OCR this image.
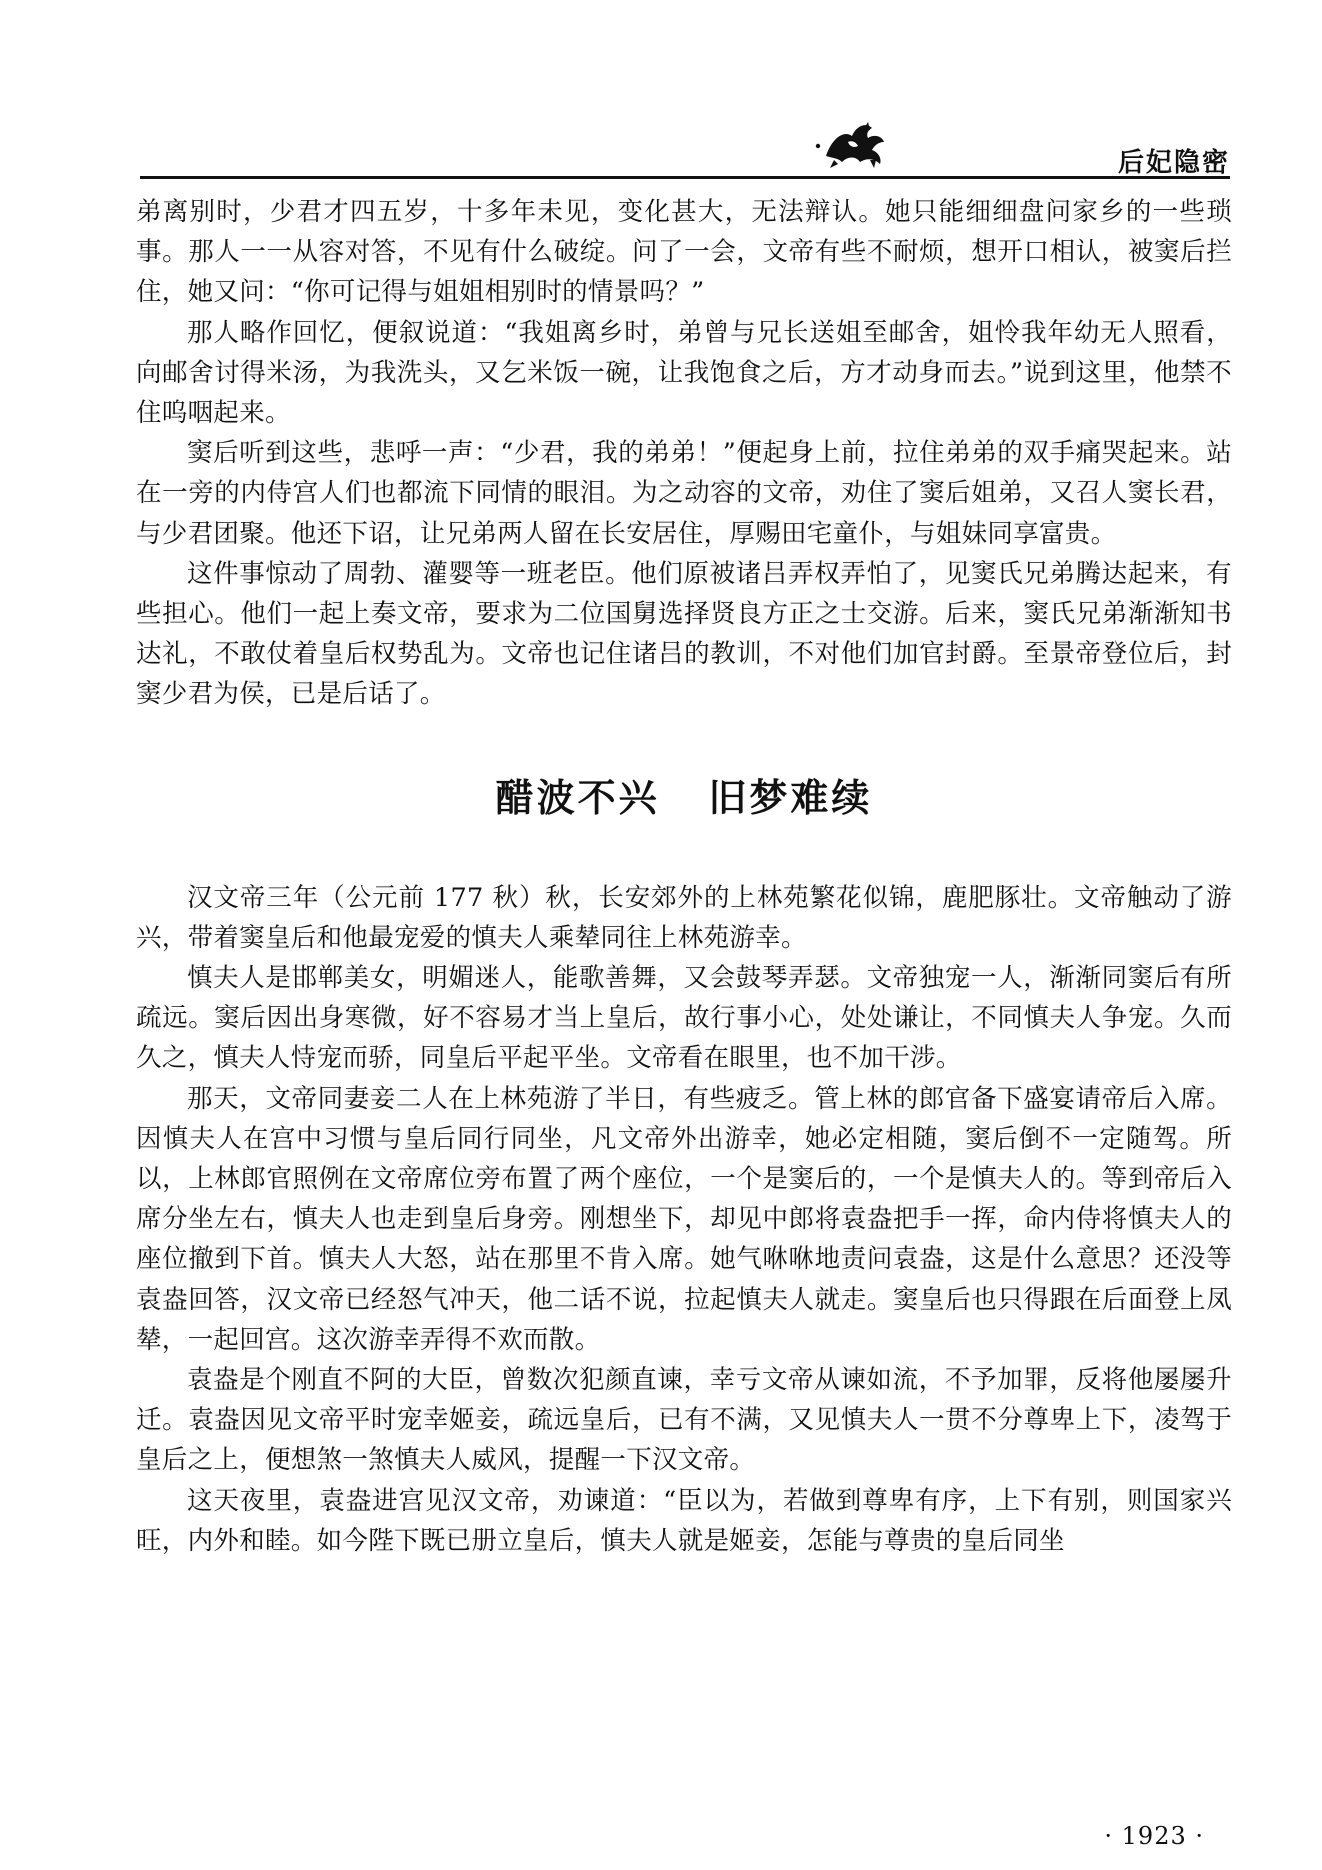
后妃隐密

弟离别时，少君才四五岁，十多年未见，变化甚大，无法辩认。她只能细细盘问家乡的一些琐事。那人一一从容对答，不见有什么破绽。问了一会，文帝有些不耐烦，想开口相认，被窦后拦住，她又问：“你可记得与姐姐相别时的情景吗？”

那人略作回忆，便叙说道：“我姐离乡时，弟曾与兄长送姐至邮舍，姐怜我年幼无人照看，向邮舍讨得米汤，为我洗头，又乞米饭一碗，让我饱食之后，方才动身而去。”说到这里，他禁不住呜咽起来。

窦后听到这些，悲呼一声：“少君，我的弟弟！”便起身上前，拉住弟弟的双手痛哭起来。站在一旁的内侍宫人们也都流下同情的眼泪。为之动容的文帝，劝住了窦后姐弟，又召人窦长君，与少君团聚。他还下诏，让兄弟两人留在长安居住，厚赐田宅童仆，与姐妹同享富贵。

这件事惊动了周勃、灌婴等一班老臣。他们原被诸吕弄权弄怕了，见窦氏兄弟腾达起来，有些担心。他们一起上奏文帝，要求为二位国舅选择贤良方正之士交游。后来，窦氏兄弟渐渐知书达礼，不敢仗着皇后权势乱为。文帝也记住诸吕的教训，不对他们加官封爵。至景帝登位后，封窦少君为侯，已是后话了。

醋波不兴   旧梦难续

汉文帝三年（公元前 177 秋）秋，长安郊外的上林苑繁花似锦，鹿肥豚壮。文帝触动了游兴，带着窦皇后和他最宠爱的慎夫人乘辇同往上林苑游幸。

慎夫人是邯郸美女，明媚迷人，能歌善舞，又会鼓琴弄瑟。文帝独宠一人，渐渐同窦后有所疏远。窦后因出身寒微，好不容易才当上皇后，故行事小心，处处谦让，不同慎夫人争宠。久而久之，慎夫人恃宠而骄，同皇后平起平坐。文帝看在眼里，也不加干涉。

那天，文帝同妻妾二人在上林苑游了半日，有些疲乏。管上林的郎官备下盛宴请帝后入席。因慎夫人在宫中习惯与皇后同行同坐，凡文帝外出游幸，她必定相随，窦后倒不一定随驾。所以，上林郎官照例在文帝席位旁布置了两个座位，一个是窦后的，一个是慎夫人的。等到帝后入席分坐左右，慎夫人也走到皇后身旁。刚想坐下，却见中郎将袁盎把手一挥，命内侍将慎夫人的座位撤到下首。慎夫人大怒，站在那里不肯入席。她气咻咻地责问袁盎，这是什么意思？还没等袁盎回答，汉文帝已经怒气冲天，他二话不说，拉起慎夫人就走。窦皇后也只得跟在后面登上凤辇，一起回宫。这次游幸弄得不欢而散。

袁盎是个刚直不阿的大臣，曾数次犯颜直谏，幸亏文帝从谏如流，不予加罪，反将他屡屡升迁。袁盎因见文帝平时宠幸姬妾，疏远皇后，已有不满，又见慎夫人一贯不分尊卑上下，凌驾于皇后之上，便想煞一煞慎夫人威风，提醒一下汉文帝。

这天夜里，袁盎进宫见汉文帝，劝谏道：“臣以为，若做到尊卑有序，上下有别，则国家兴旺，内外和睦。如今陛下既已册立皇后，慎夫人就是姬妾，怎能与尊贵的皇后同坐

· 1923 ·
